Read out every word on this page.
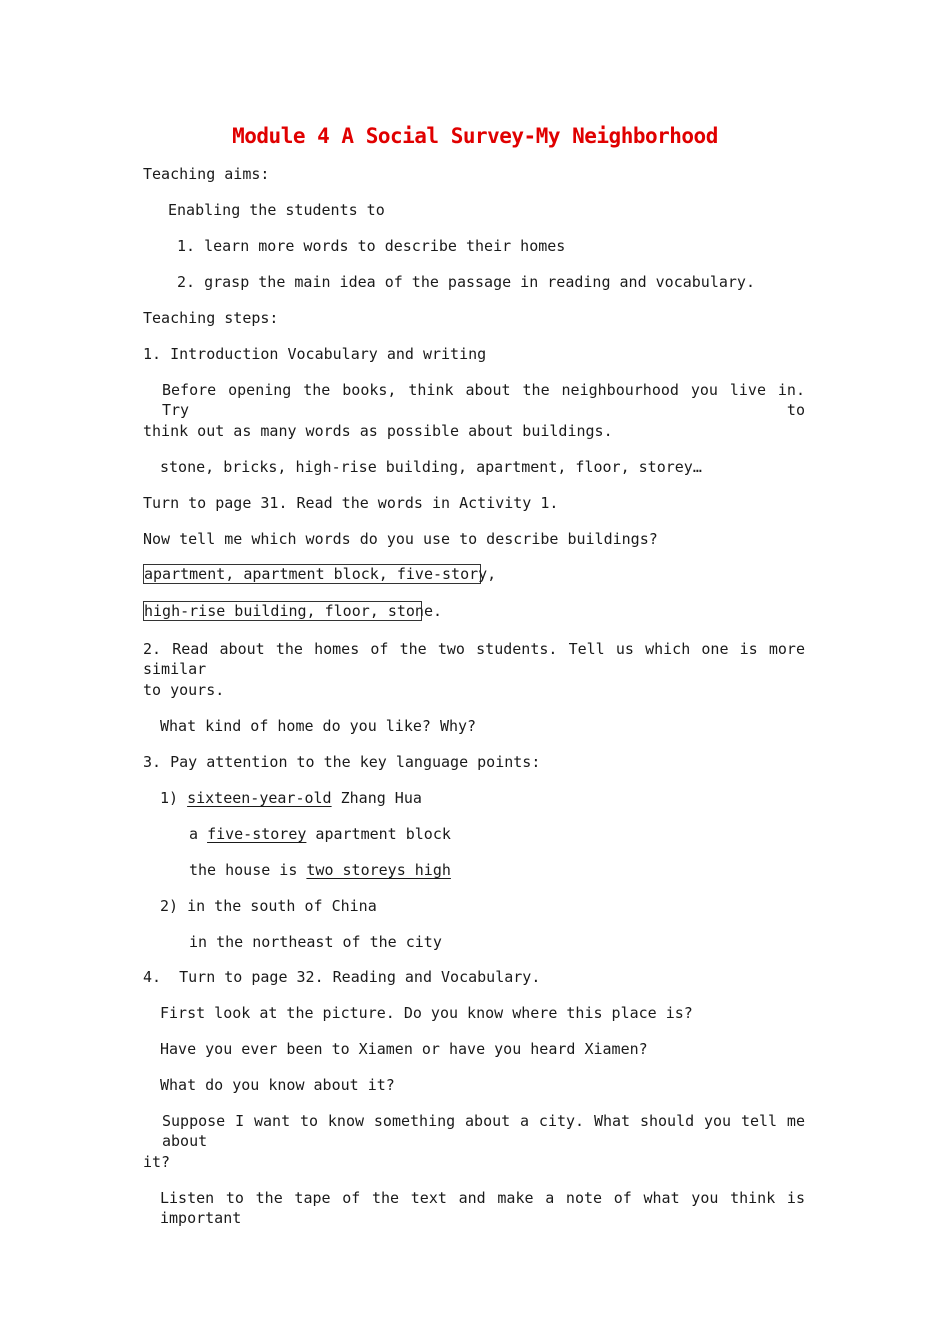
Module 4 A Social Survey-My Neighborhood
Teaching aims:
Enabling the students to
1. learn more words to describe their homes
2. grasp the main idea of the passage in reading and vocabulary.
Teaching steps:
1. Introduction Vocabulary and writing
Before opening the books, think about the neighbourhood you live in. Try to
think out as many words as possible about buildings.
stone, bricks, high-rise building, apartment, floor, storey…
Turn to page 31. Read the words in Activity 1.
Now tell me which words do you use to describe buildings?
apartment, apartment block, five-story,
high-rise building, floor, stone.
2. Read about the homes of the two students. Tell us which one is more similar
to yours.
What kind of home do you like? Why?
3. Pay attention to the key language points:
1) sixteen-year-old Zhang Hua
a five-storey apartment block
the house is two storeys high
2) in the south of China
in the northeast of the city
4.  Turn to page 32. Reading and Vocabulary.
First look at the picture. Do you know where this place is?
Have you ever been to Xiamen or have you heard Xiamen?
What do you know about it?
Suppose I want to know something about a city. What should you tell me about
it?
Listen to the tape of the text and make a note of what you think is important
